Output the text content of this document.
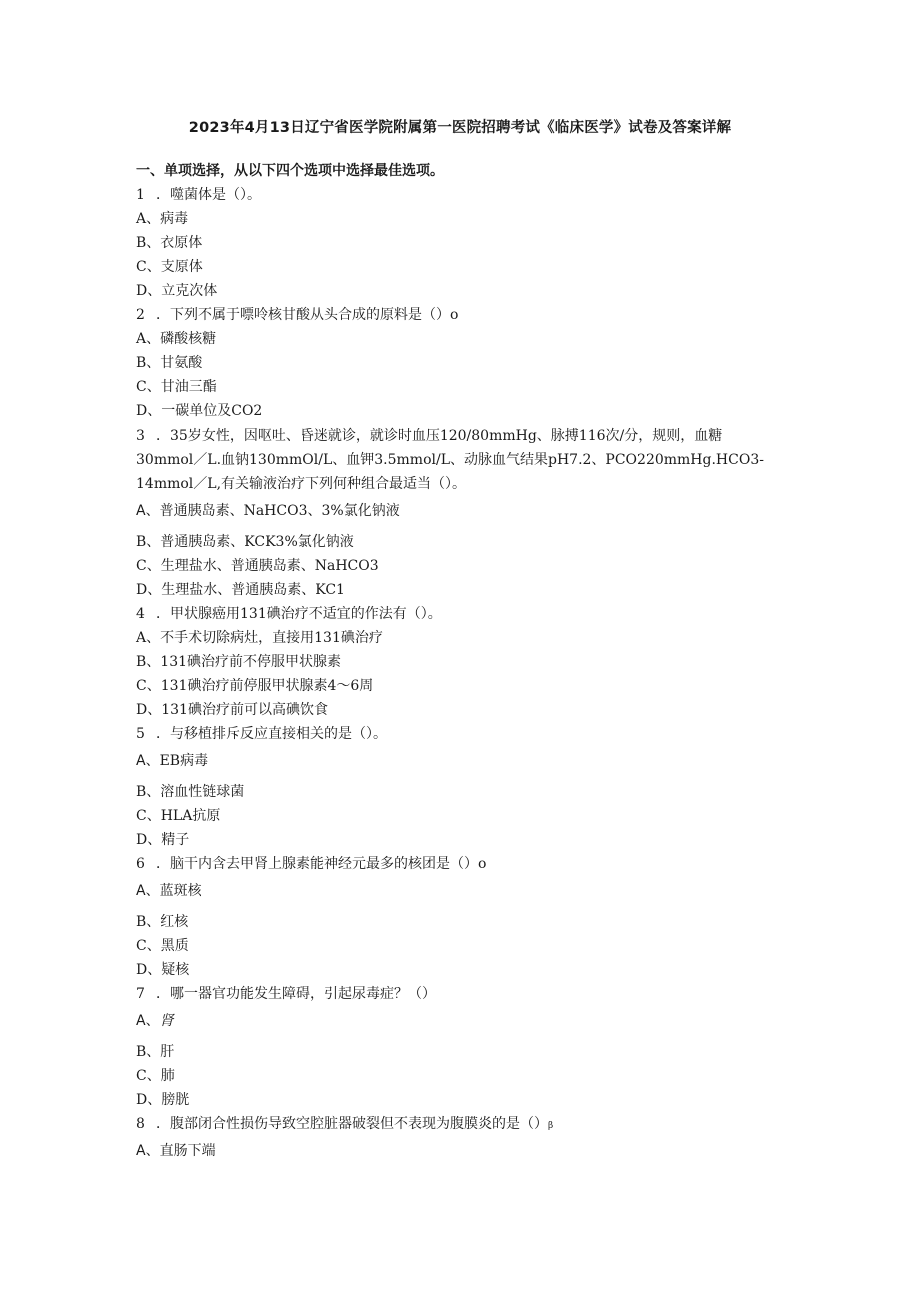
2023年4月13日辽宁省医学院附属第一医院招聘考试《临床医学》试卷及答案详解
一、单项选择，从以下四个选项中选择最佳选项。
1 ．噬菌体是（）。
A、病毒
B、衣原体
C、支原体
D、立克次体
2 ．下列不属于嘌呤核甘酸从头合成的原料是（）o
A、磷酸核糖
B、甘氨酸
C、甘油三酯
D、一碳单位及CO2
3 ．35岁女性，因呕吐、昏迷就诊，就诊时血压120/80mmHg、脉搏116次/分，规则，血糖
30mmol／L.血钠130mmOl/L、血钾3.5mmol/L、动脉血气结果pH7.2、PCO220mmHg.HCO3-
14mmol／L,有关输液治疗下列何种组合最适当（）。
A、普通胰岛素、NaHCO3、3%氯化钠液
B、普通胰岛素、KCK3%氯化钠液
C、生理盐水、普通胰岛素、NaHCO3
D、生理盐水、普通胰岛素、KC1
4 ．甲状腺癌用131碘治疗不适宜的作法有（）。
A、不手术切除病灶，直接用131碘治疗
B、131碘治疗前不停服甲状腺素
C、131碘治疗前停服甲状腺素4～6周
D、131碘治疗前可以高碘饮食
5 ．与移植排斥反应直接相关的是（）。
A、EB病毒
B、溶血性链球菌
C、HLA抗原
D、精子
6 ．脑干内含去甲肾上腺素能神经元最多的核团是（）o
A、蓝斑核
B、红核
C、黑质
D、疑核
7 ．哪一器官功能发生障碍，引起尿毒症？（）
A、肾
B、肝
C、肺
D、膀胱
8 ．腹部闭合性损伤导致空腔脏器破裂但不表现为腹膜炎的是（）β
A、直肠下端
